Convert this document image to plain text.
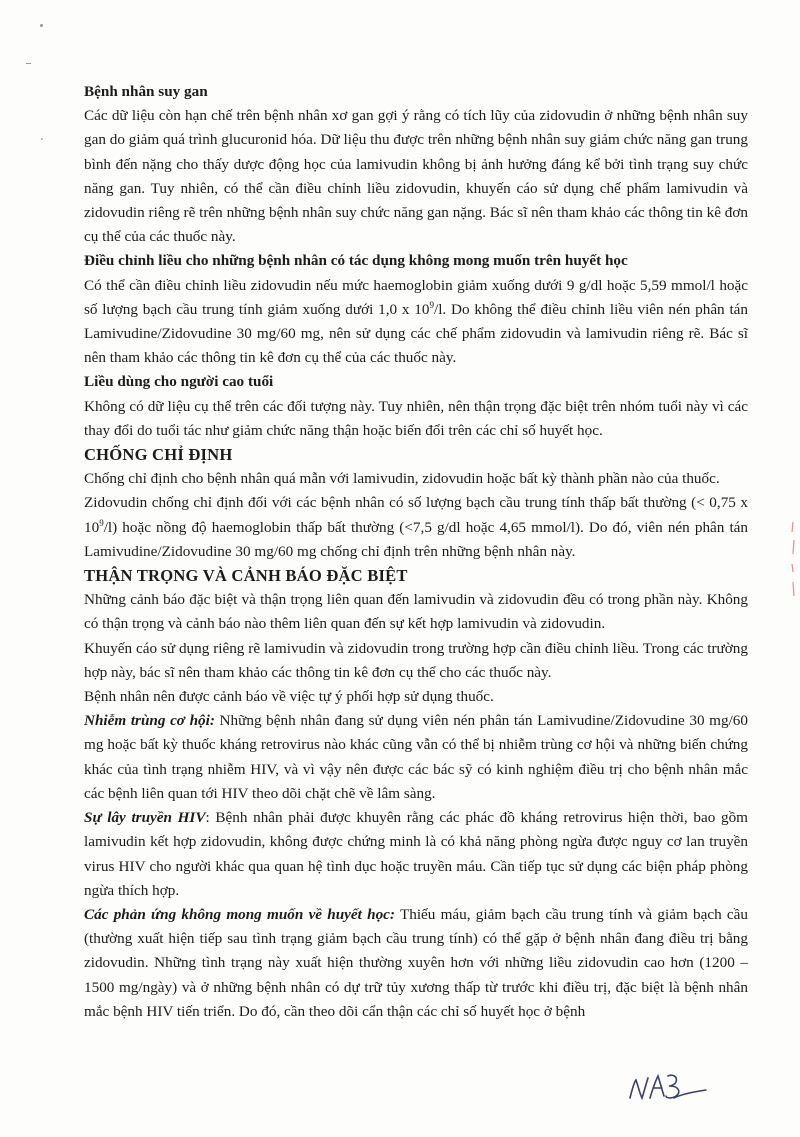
Bệnh nhân suy gan

Các dữ liệu còn hạn chế trên bệnh nhân xơ gan gợi ý rằng có tích lũy của zidovudin ở những bệnh nhân suy gan do giảm quá trình glucuronid hóa. Dữ liệu thu được trên những bệnh nhân suy giảm chức năng gan trung bình đến nặng cho thấy dược động học của lamivudin không bị ảnh hưởng đáng kể bởi tình trạng suy chức năng gan. Tuy nhiên, có thể cần điều chỉnh liều zidovudin, khuyến cáo sử dụng chế phẩm lamivudin và zidovudin riêng rẽ trên những bệnh nhân suy chức năng gan nặng. Bác sĩ nên tham khảo các thông tin kê đơn cụ thể của các thuốc này.

Điều chỉnh liều cho những bệnh nhân có tác dụng không mong muốn trên huyết học

Có thể cần điều chỉnh liều zidovudin nếu mức haemoglobin giảm xuống dưới 9 g/dl hoặc 5,59 mmol/l hoặc số lượng bạch cầu trung tính giảm xuống dưới 1,0 x $10^9/l$. Do không thể điều chỉnh liều viên nén phân tán Lamivudine/Zidovudine 30 mg/60 mg, nên sử dụng các chế phẩm zidovudin và lamivudin riêng rẽ. Bác sĩ nên tham khảo các thông tin kê đơn cụ thể của các thuốc này.

Liều dùng cho người cao tuổi

Không có dữ liệu cụ thể trên các đối tượng này. Tuy nhiên, nên thận trọng đặc biệt trên nhóm tuổi này vì các thay đổi do tuổi tác như giảm chức năng thận hoặc biến đổi trên các chỉ số huyết học.

CHỐNG CHỈ ĐỊNH

Chống chỉ định cho bệnh nhân quá mẫn với lamivudin, zidovudin hoặc bất kỳ thành phần nào của thuốc.

Zidovudin chống chỉ định đối với các bệnh nhân có số lượng bạch cầu trung tính thấp bất thường (< 0,75 x $10^9/l$) hoặc nồng độ haemoglobin thấp bất thường (<7,5 g/dl hoặc 4,65 mmol/l). Do đó, viên nén phân tán Lamivudine/Zidovudine 30 mg/60 mg chống chỉ định trên những bệnh nhân này.

THẬN TRỌNG VÀ CẢNH BÁO ĐẶC BIỆT

Những cảnh báo đặc biệt và thận trọng liên quan đến lamivudin và zidovudin đều có trong phần này. Không có thận trọng và cảnh báo nào thêm liên quan đến sự kết hợp lamivudin và zidovudin.

Khuyến cáo sử dụng riêng rẽ lamivudin và zidovudin trong trường hợp cần điều chỉnh liều. Trong các trường hợp này, bác sĩ nên tham khảo các thông tin kê đơn cụ thể cho các thuốc này.

Bệnh nhân nên được cảnh báo về việc tự ý phối hợp sử dụng thuốc.

Nhiễm trùng cơ hội: Những bệnh nhân đang sử dụng viên nén phân tán Lamivudine/Zidovudine 30 mg/60 mg hoặc bất kỳ thuốc kháng retrovirus nào khác cũng vẫn có thể bị nhiễm trùng cơ hội và những biến chứng khác của tình trạng nhiễm HIV, và vì vậy nên được các bác sỹ có kinh nghiệm điều trị cho bệnh nhân mắc các bệnh liên quan tới HIV theo dõi chặt chẽ về lâm sàng.

Sự lây truyền HIV: Bệnh nhân phải được khuyên rằng các phác đồ kháng retrovirus hiện thời, bao gồm lamivudin kết hợp zidovudin, không được chứng minh là có khả năng phòng ngừa được nguy cơ lan truyền virus HIV cho người khác qua quan hệ tình dục hoặc truyền máu. Cần tiếp tục sử dụng các biện pháp phòng ngừa thích hợp.

Các phản ứng không mong muốn về huyết học: Thiếu máu, giảm bạch cầu trung tính và giảm bạch cầu (thường xuất hiện tiếp sau tình trạng giảm bạch cầu trung tính) có thể gặp ở bệnh nhân đang điều trị bằng zidovudin. Những tình trạng này xuất hiện thường xuyên hơn với những liều zidovudin cao hơn (1200 – 1500 mg/ngày) và ở những bệnh nhân có dự trữ tủy xương thấp từ trước khi điều trị, đặc biệt là bệnh nhân mắc bệnh HIV tiến triển. Do đó, cần theo dõi cẩn thận các chỉ số huyết học ở bệnh
